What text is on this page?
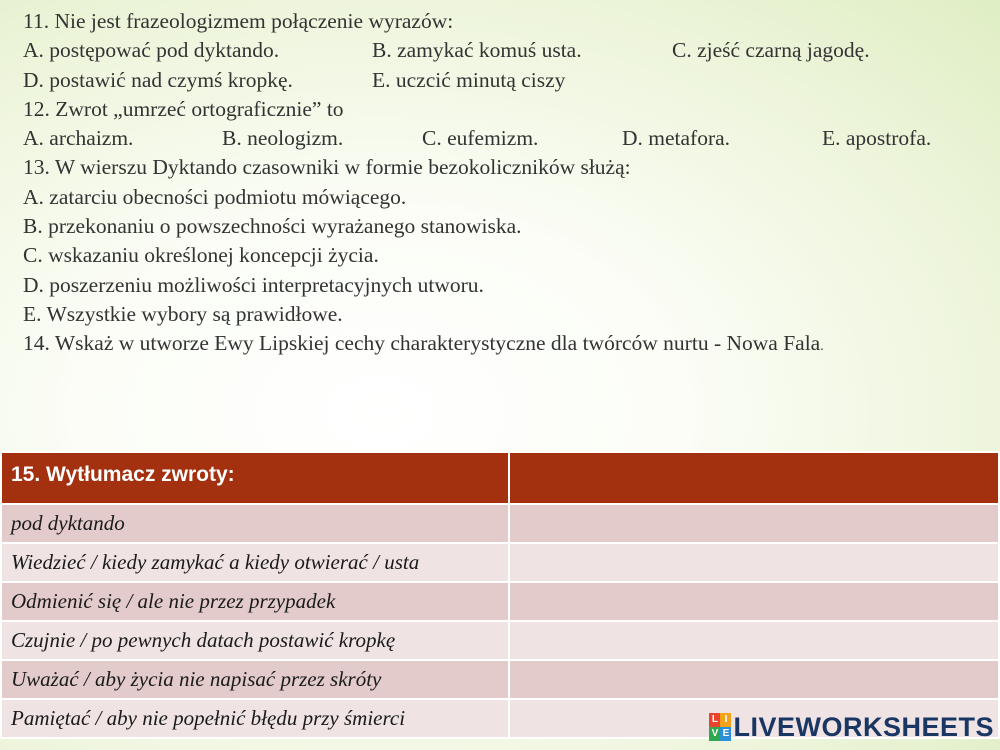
11. Nie jest frazeologizmem połączenie wyrazów:
A. postępować pod dyktando.	B. zamykać komuś usta.	C. zjeść czarną jagodę.
D. postawić nad czymś kropkę.	E. uczcić minutą ciszy
12. Zwrot „umrzeć ortograficznie” to
A. archaizm.	B. neologizm.	C. eufemizm.	D. metafora.	E. apostrofa.
13. W wierszu Dyktando czasowniki w formie bezokoliczników służą:
A. zatarciu obecności podmiotu mówiącego.
B. przekonaniu o powszechności wyrażanego stanowiska.
C. wskazaniu określonej koncepcji życia.
D. poszerzeniu możliwości interpretacyjnych utworu.
E. Wszystkie wybory są prawidłowe.
14. Wskaż w utworze Ewy Lipskiej cechy charakterystyczne dla twórców nurtu - Nowa Fala.
15. Wytłumacz zwroty:	
pod dyktando	
Wiedzieć / kiedy zamykać a kiedy otwierać / usta	
Odmienić się / ale nie przez przypadek	
Czujnie / po pewnych datach postawić kropkę	
Uważać / aby życia nie napisać przez skróty	
Pamiętać / aby nie popełnić błędu przy śmierci		L I
V E LIVEWORKSHEETS
